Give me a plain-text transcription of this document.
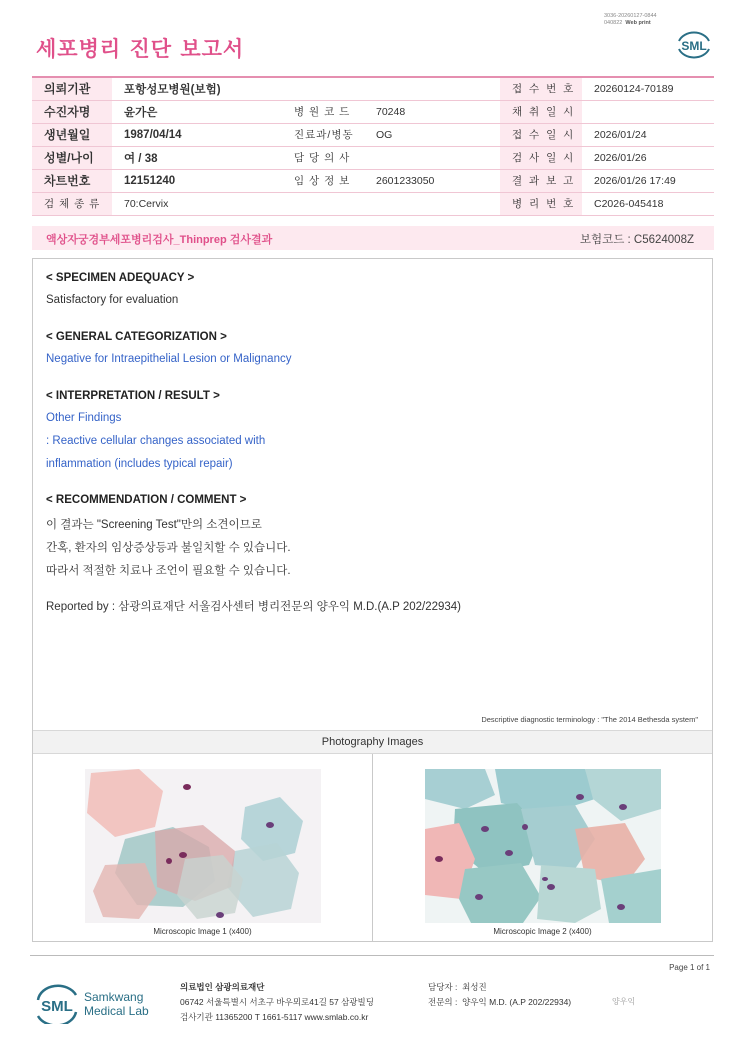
3036-20260127-0844
040822 Web print
세포병리 진단 보고서	SML
의뢰기관	포항성모병원(보험)			접 수 번 호	20260124-70189
수진자명	윤가은	병 원 코 드	70248	채 취 일 시	
생년월일	1987/04/14	진료과/병동	OG	접 수 일 시	2026/01/24
성별/나이	여 / 38	담 당 의 사		검 사 일 시	2026/01/26
차트번호	12151240	임 상 정 보	2601233050	결 과 보 고	2026/01/26 17:49
검 체 종 류	70:Cervix			병 리 번 호	C2026-045418
액상자궁경부세포병리검사_Thinprep 검사결과	보험코드 : C5624008Z
< SPECIMEN ADEQUACY >
Satisfactory for evaluation
< GENERAL CATEGORIZATION >
Negative for Intraepithelial Lesion or Malignancy
< INTERPRETATION / RESULT >
Other Findings
: Reactive cellular changes associated with
inflammation (includes typical repair)
< RECOMMENDATION / COMMENT >
이 결과는 "Screening Test"만의 소견이므로
간혹, 환자의 임상증상등과 불일치할 수 있습니다.
따라서 적절한 치료나 조언이 필요할 수 있습니다.
Reported by : 삼광의료재단 서울검사센터 병리전문의 양우익 M.D.(A.P 202/22934)
Descriptive diagnostic terminology : "The 2014 Bethesda system"
Photography Images
Microscopic Image 1 (x400)	Microscopic Image 2 (x400)
Page 1 of 1
SML
Samkwang
Medical Lab
의료법인 삼광의료재단
06742 서울특별시 서초구 바우뫼로41길 57 삼광빌딩
검사기관 11365200 T 1661-5117 www.smlab.co.kr
담당자 : 최성진
전문의 : 양우익 M.D. (A.P 202/22934)	양우익
